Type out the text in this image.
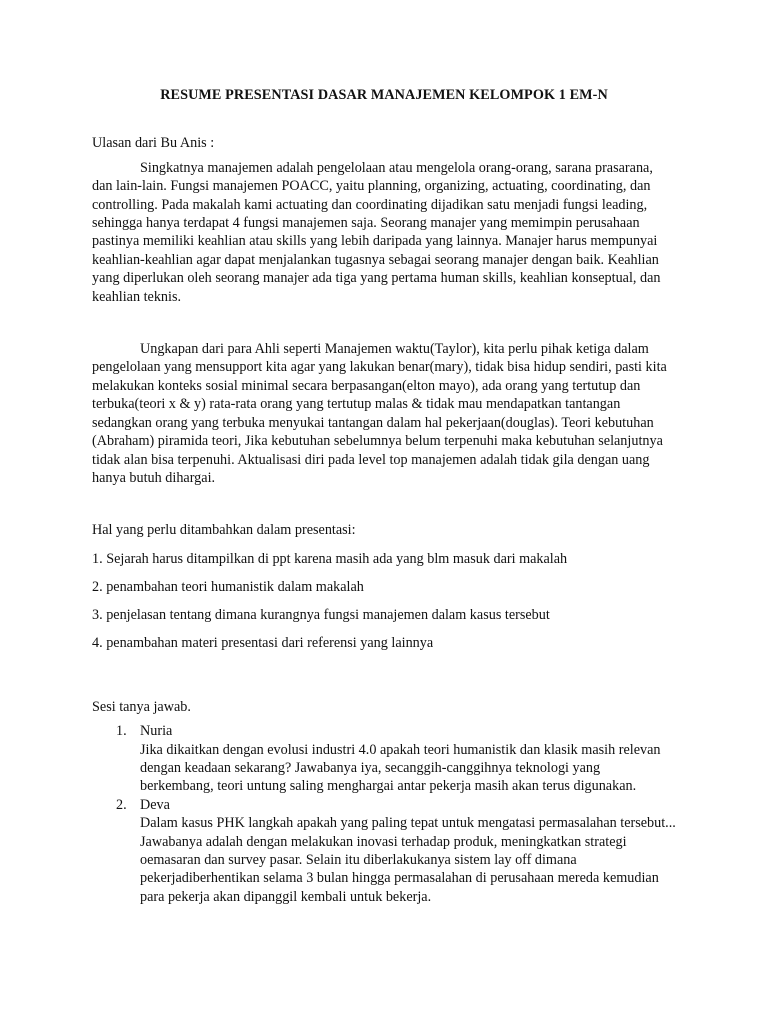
RESUME PRESENTASI DASAR MANAJEMEN KELOMPOK 1 EM-N

Ulasan dari Bu Anis :

Singkatnya manajemen adalah pengelolaan atau mengelola orang-orang, sarana prasarana, dan lain-lain. Fungsi manajemen POACC, yaitu planning, organizing, actuating, coordinating, dan controlling. Pada makalah kami actuating dan coordinating dijadikan satu menjadi fungsi leading, sehingga hanya terdapat 4 fungsi manajemen saja. Seorang manajer yang memimpin perusahaan pastinya memiliki keahlian atau skills yang lebih daripada yang lainnya. Manajer harus mempunyai keahlian-keahlian agar dapat menjalankan tugasnya sebagai seorang manajer dengan baik. Keahlian yang diperlukan oleh seorang manajer ada tiga yang pertama human skills, keahlian konseptual, dan keahlian teknis.

Ungkapan dari para Ahli seperti Manajemen waktu(Taylor), kita perlu pihak ketiga dalam pengelolaan yang mensupport kita agar yang lakukan benar(mary), tidak bisa hidup sendiri, pasti kita melakukan konteks sosial minimal secara berpasangan(elton mayo), ada orang yang tertutup dan terbuka(teori x & y) rata-rata orang yang tertutup malas & tidak mau mendapatkan tantangan sedangkan orang yang terbuka menyukai tantangan dalam hal pekerjaan(douglas). Teori kebutuhan (Abraham) piramida teori, Jika kebutuhan sebelumnya belum terpenuhi maka kebutuhan selanjutnya tidak alan bisa terpenuhi. Aktualisasi diri pada level top manajemen adalah tidak gila dengan uang hanya butuh dihargai.

Hal yang perlu ditambahkan dalam presentasi:

1. Sejarah harus ditampilkan di ppt karena masih ada yang blm masuk dari makalah

2. penambahan teori humanistik dalam makalah

3. penjelasan tentang dimana kurangnya fungsi manajemen dalam kasus tersebut

4. penambahan materi presentasi dari referensi yang lainnya

Sesi tanya jawab.

1. Nuria
Jika dikaitkan dengan evolusi industri 4.0 apakah teori humanistik dan klasik masih relevan dengan keadaan sekarang? Jawabanya iya, secanggih-canggihnya teknologi yang berkembang, teori untung saling menghargai antar pekerja masih akan terus digunakan.
2. Deva
Dalam kasus PHK langkah apakah yang paling tepat untuk mengatasi permasalahan tersebut... Jawabanya adalah dengan melakukan inovasi terhadap produk, meningkatkan strategi oemasaran dan survey pasar. Selain itu diberlakukanya sistem lay off dimana pekerjadiberhentikan selama 3 bulan hingga permasalahan di perusahaan mereda kemudian para pekerja akan dipanggil kembali untuk bekerja.
